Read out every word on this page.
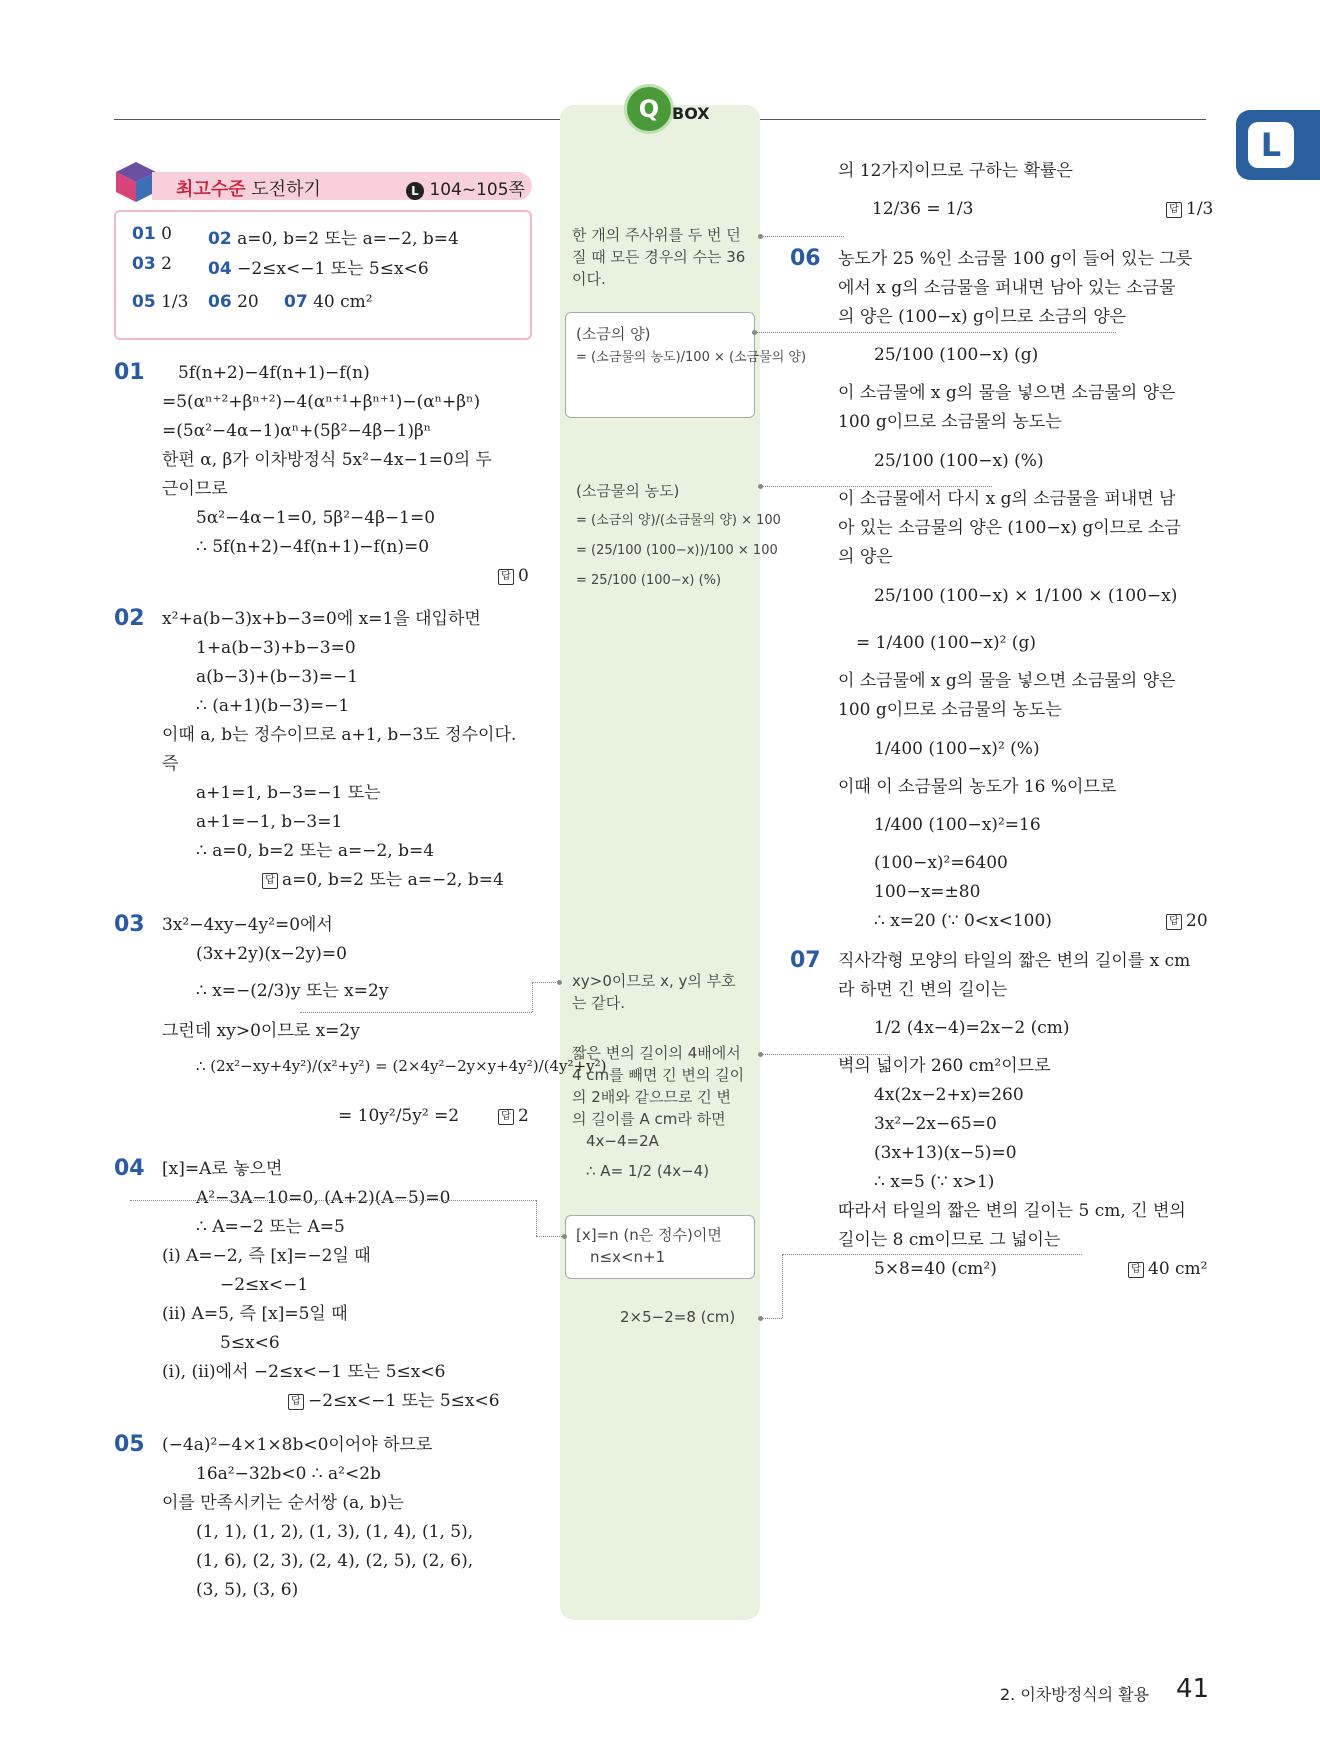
Q BOX
L
최고수준 도전하기	L 104~105쪽
01 0 02 a=0, b=2 또는 a=−2, b=4
03 2 04 −2≤x<−1 또는 5≤x<6
05 1/3 06 20 07 40 cm²
01 5f(n+2)−4f(n+1)−f(n)
=5(αⁿ⁺²+βⁿ⁺²)−4(αⁿ⁺¹+βⁿ⁺¹)−(αⁿ+βⁿ)
=(5α²−4α−1)αⁿ+(5β²−4β−1)βⁿ
한편 α, β가 이차방정식 5x²−4x−1=0의 두
근이므로
5α²−4α−1=0, 5β²−4β−1=0
∴ 5f(n+2)−4f(n+1)−f(n)=0
답 0
02 x²+a(b−3)x+b−3=0에 x=1을 대입하면
1+a(b−3)+b−3=0
a(b−3)+(b−3)=−1
∴ (a+1)(b−3)=−1
이때 a, b는 정수이므로 a+1, b−3도 정수이다.
즉
a+1=1, b−3=−1 또는
a+1=−1, b−3=1
∴ a=0, b=2 또는 a=−2, b=4
답 a=0, b=2 또는 a=−2, b=4
03 3x²−4xy−4y²=0에서
(3x+2y)(x−2y)=0
∴ x=−(2/3)y 또는 x=2y
그런데 xy>0이므로 x=2y
∴ (2x²−xy+4y²)/(x²+y²) = (2×4y²−2y×y+4y²)/(4y²+y²)
= 10y²/5y² =2	답 2
04 [x]=A로 놓으면
A²−3A−10=0, (A+2)(A−5)=0
∴ A=−2 또는 A=5
(i) A=−2, 즉 [x]=−2일 때
−2≤x<−1
(ii) A=5, 즉 [x]=5일 때
5≤x<6
(i), (ii)에서 −2≤x<−1 또는 5≤x<6
답 −2≤x<−1 또는 5≤x<6
05 (−4a)²−4×1×8b<0이어야 하므로
16a²−32b<0 ∴ a²<2b
이를 만족시키는 순서쌍 (a, b)는
(1, 1), (1, 2), (1, 3), (1, 4), (1, 5),
(1, 6), (2, 3), (2, 4), (2, 5), (2, 6),
(3, 5), (3, 6)
한 개의 주사위를 두 번 던
질 때 모든 경우의 수는 36
이다.
(소금의 양)
= (소금물의 농도)/100 × (소금물의 양)
(소금물의 농도)
= (소금의 양)/(소금물의 양) × 100
= (25/100 (100−x))/100 × 100
= 25/100 (100−x) (%)
xy>0이므로 x, y의 부호
는 같다.
짧은 변의 길이의 4배에서
4 cm를 빼면 긴 변의 길이
의 2배와 같으므로 긴 변
의 길이를 A cm라 하면
4x−4=2A
∴ A= 1/2 (4x−4)
[x]=n (n은 정수)이면
n≤x<n+1
2×5−2=8 (cm)
의 12가지이므로 구하는 확률은
12/36 = 1/3	답 1/3
06 농도가 25 %인 소금물 100 g이 들어 있는 그릇
에서 x g의 소금물을 퍼내면 남아 있는 소금물
의 양은 (100−x) g이므로 소금의 양은
25/100 (100−x) (g)
이 소금물에 x g의 물을 넣으면 소금물의 양은
100 g이므로 소금물의 농도는
25/100 (100−x) (%)
이 소금물에서 다시 x g의 소금물을 퍼내면 남
아 있는 소금물의 양은 (100−x) g이므로 소금
의 양은
25/100 (100−x) × 1/100 × (100−x)
= 1/400 (100−x)² (g)
이 소금물에 x g의 물을 넣으면 소금물의 양은
100 g이므로 소금물의 농도는
1/400 (100−x)² (%)
이때 이 소금물의 농도가 16 %이므로
1/400 (100−x)²=16
(100−x)²=6400
100−x=±80
∴ x=20 (∵ 0<x<100)	답 20
07 직사각형 모양의 타일의 짧은 변의 길이를 x cm
라 하면 긴 변의 길이는
1/2 (4x−4)=2x−2 (cm)
벽의 넓이가 260 cm²이므로
4x(2x−2+x)=260
3x²−2x−65=0
(3x+13)(x−5)=0
∴ x=5 (∵ x>1)
따라서 타일의 짧은 변의 길이는 5 cm, 긴 변의
길이는 8 cm이므로 그 넓이는
5×8=40 (cm²)	답 40 cm²
2. 이차방정식의 활용 41
